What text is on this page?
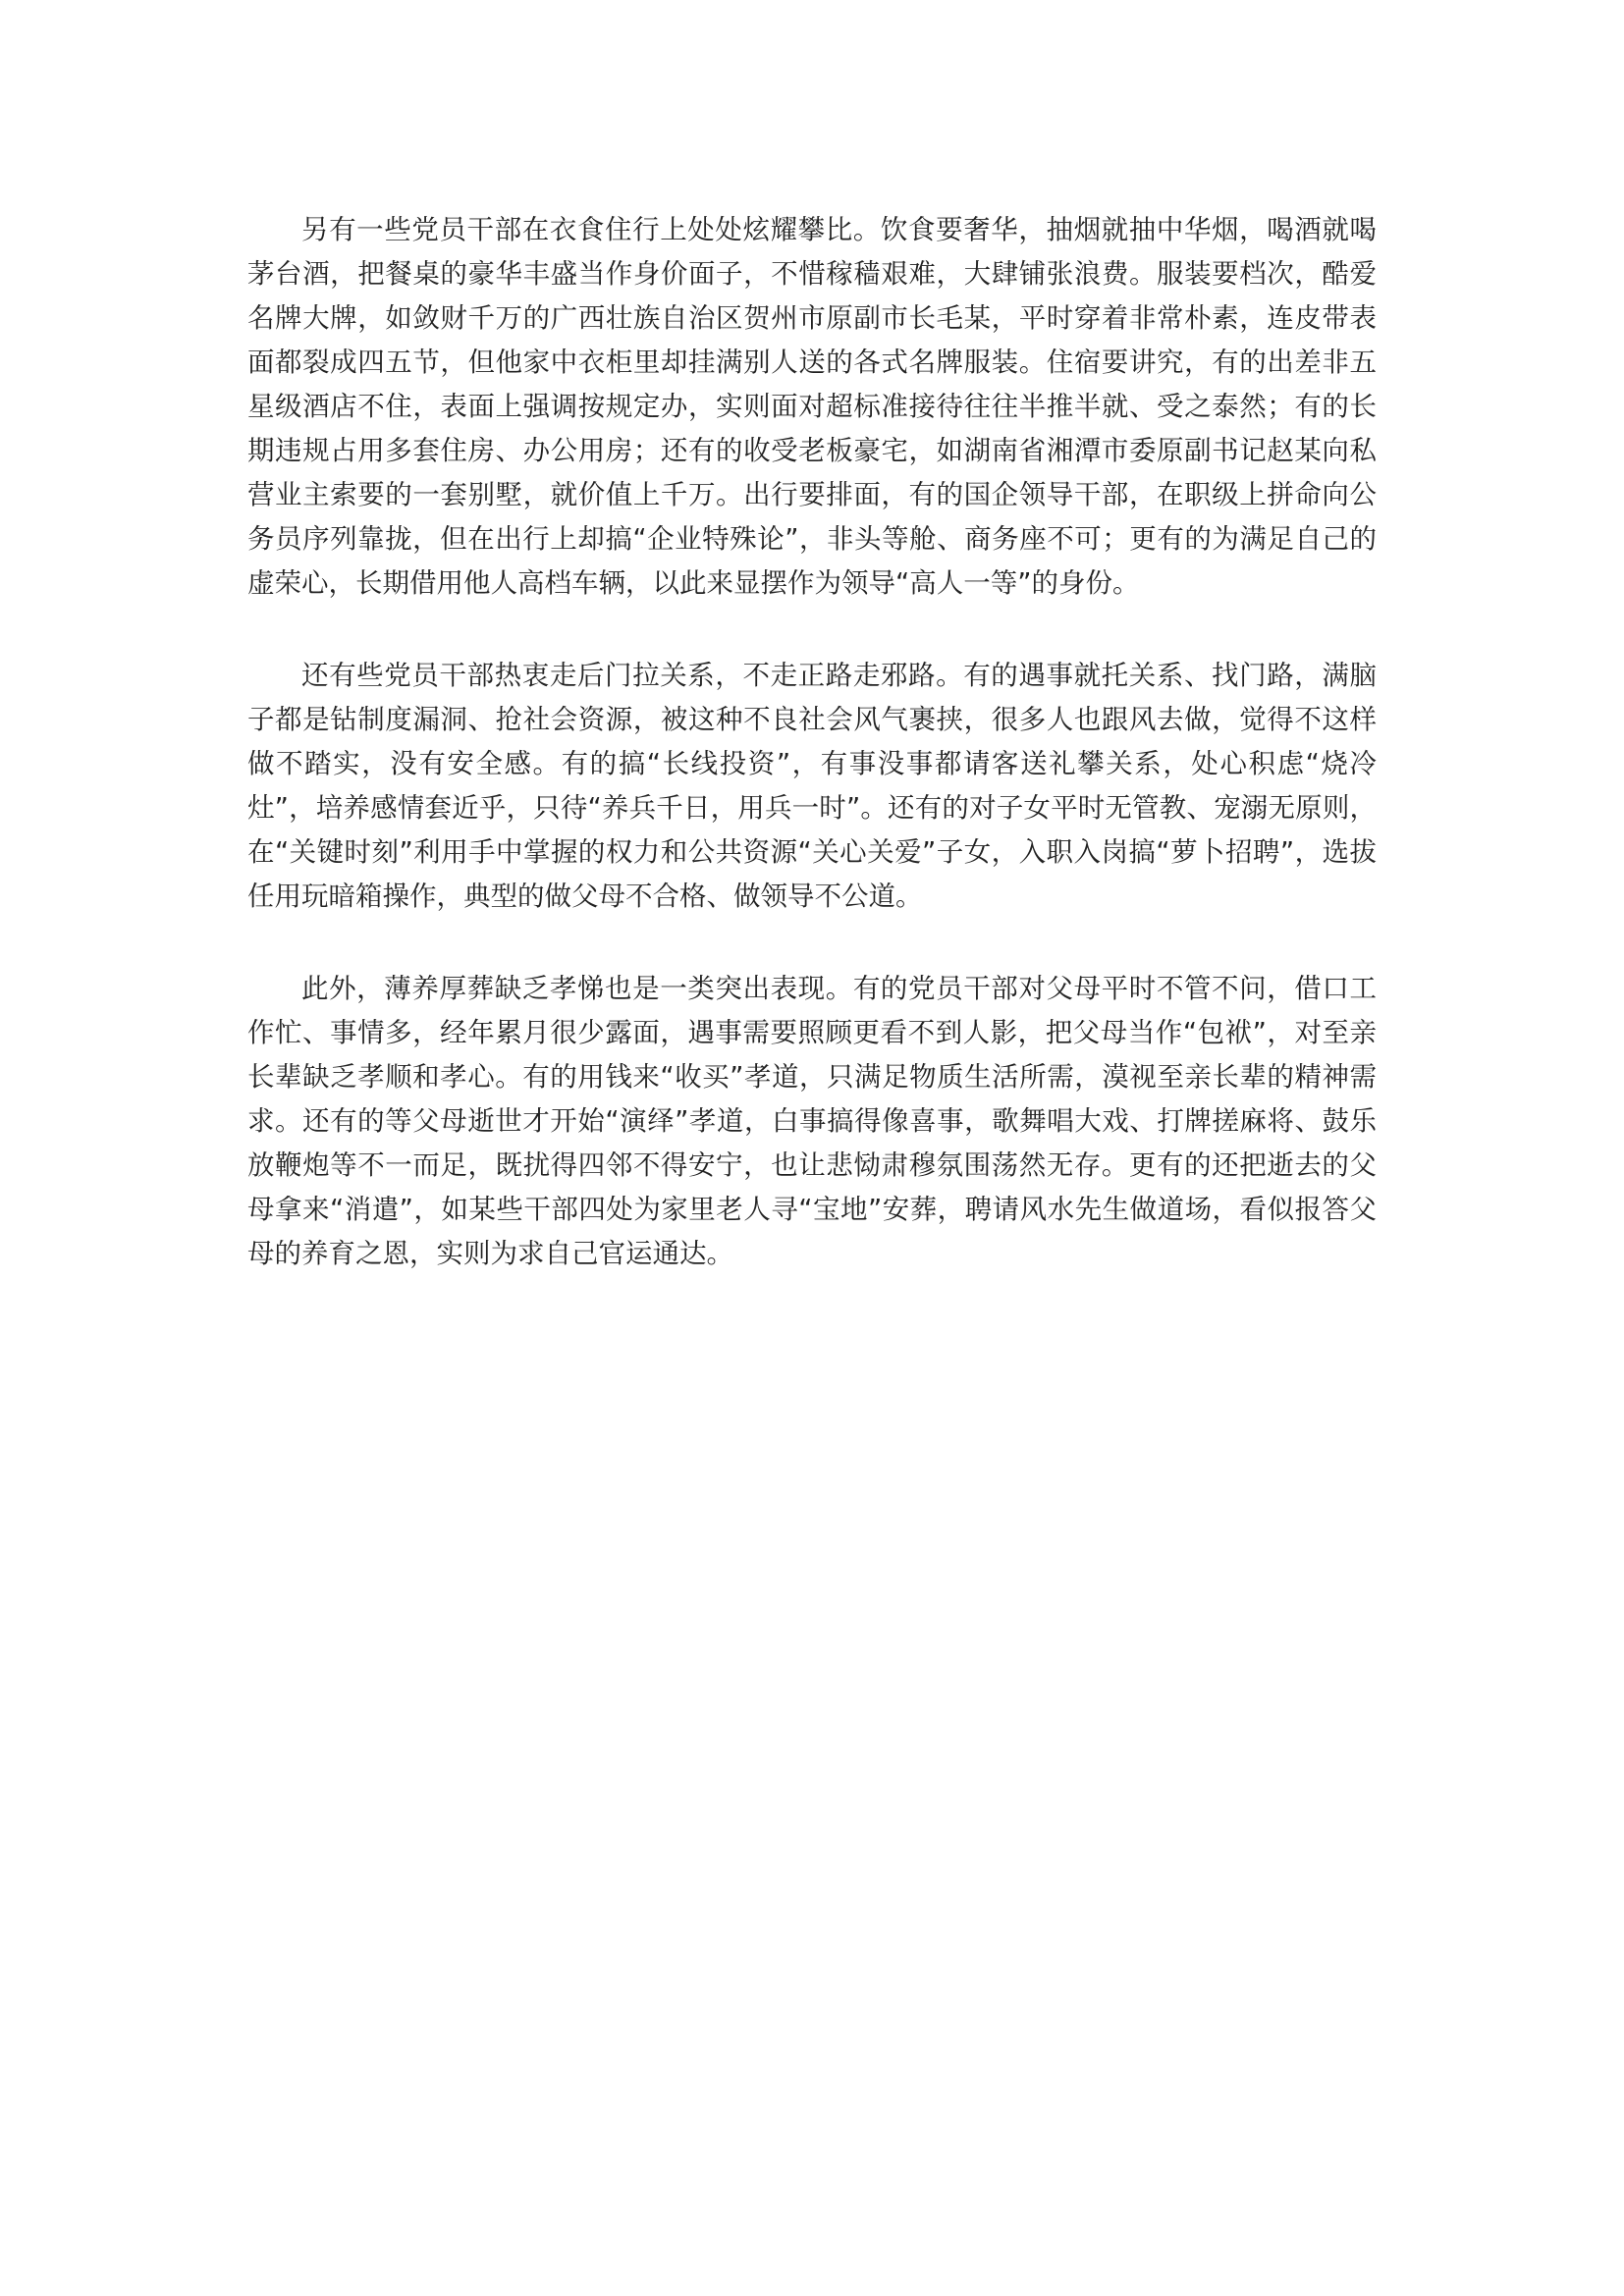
另有一些党员干部在衣食住行上处处炫耀攀比。饮食要奢华，抽烟就抽中华烟，喝酒就喝茅台酒，把餐桌的豪华丰盛当作身价面子，不惜稼穑艰难，大肆铺张浪费。服装要档次，酷爱名牌大牌，如敛财千万的广西壮族自治区贺州市原副市长毛某，平时穿着非常朴素，连皮带表面都裂成四五节，但他家中衣柜里却挂满别人送的各式名牌服装。住宿要讲究，有的出差非五星级酒店不住，表面上强调按规定办，实则面对超标准接待往往半推半就、受之泰然；有的长期违规占用多套住房、办公用房；还有的收受老板豪宅，如湖南省湘潭市委原副书记赵某向私营业主索要的一套别墅，就价值上千万。出行要排面，有的国企领导干部，在职级上拼命向公务员序列靠拢，但在出行上却搞“企业特殊论”，非头等舱、商务座不可；更有的为满足自己的虚荣心，长期借用他人高档车辆，以此来显摆作为领导“高人一等”的身份。

还有些党员干部热衷走后门拉关系，不走正路走邪路。有的遇事就托关系、找门路，满脑子都是钻制度漏洞、抢社会资源，被这种不良社会风气裹挟，很多人也跟风去做，觉得不这样做不踏实，没有安全感。有的搞“长线投资”，有事没事都请客送礼攀关系，处心积虑“烧冷灶”，培养感情套近乎，只待“养兵千日，用兵一时”。还有的对子女平时无管教、宠溺无原则，在“关键时刻”利用手中掌握的权力和公共资源“关心关爱”子女，入职入岗搞“萝卜招聘”，选拔任用玩暗箱操作，典型的做父母不合格、做领导不公道。

此外，薄养厚葬缺乏孝悌也是一类突出表现。有的党员干部对父母平时不管不问，借口工作忙、事情多，经年累月很少露面，遇事需要照顾更看不到人影，把父母当作“包袱”，对至亲长辈缺乏孝顺和孝心。有的用钱来“收买”孝道，只满足物质生活所需，漠视至亲长辈的精神需求。还有的等父母逝世才开始“演绎”孝道，白事搞得像喜事，歌舞唱大戏、打牌搓麻将、鼓乐放鞭炮等不一而足，既扰得四邻不得安宁，也让悲恸肃穆氛围荡然无存。更有的还把逝去的父母拿来“消遣”，如某些干部四处为家里老人寻“宝地”安葬，聘请风水先生做道场，看似报答父母的养育之恩，实则为求自己官运通达。
